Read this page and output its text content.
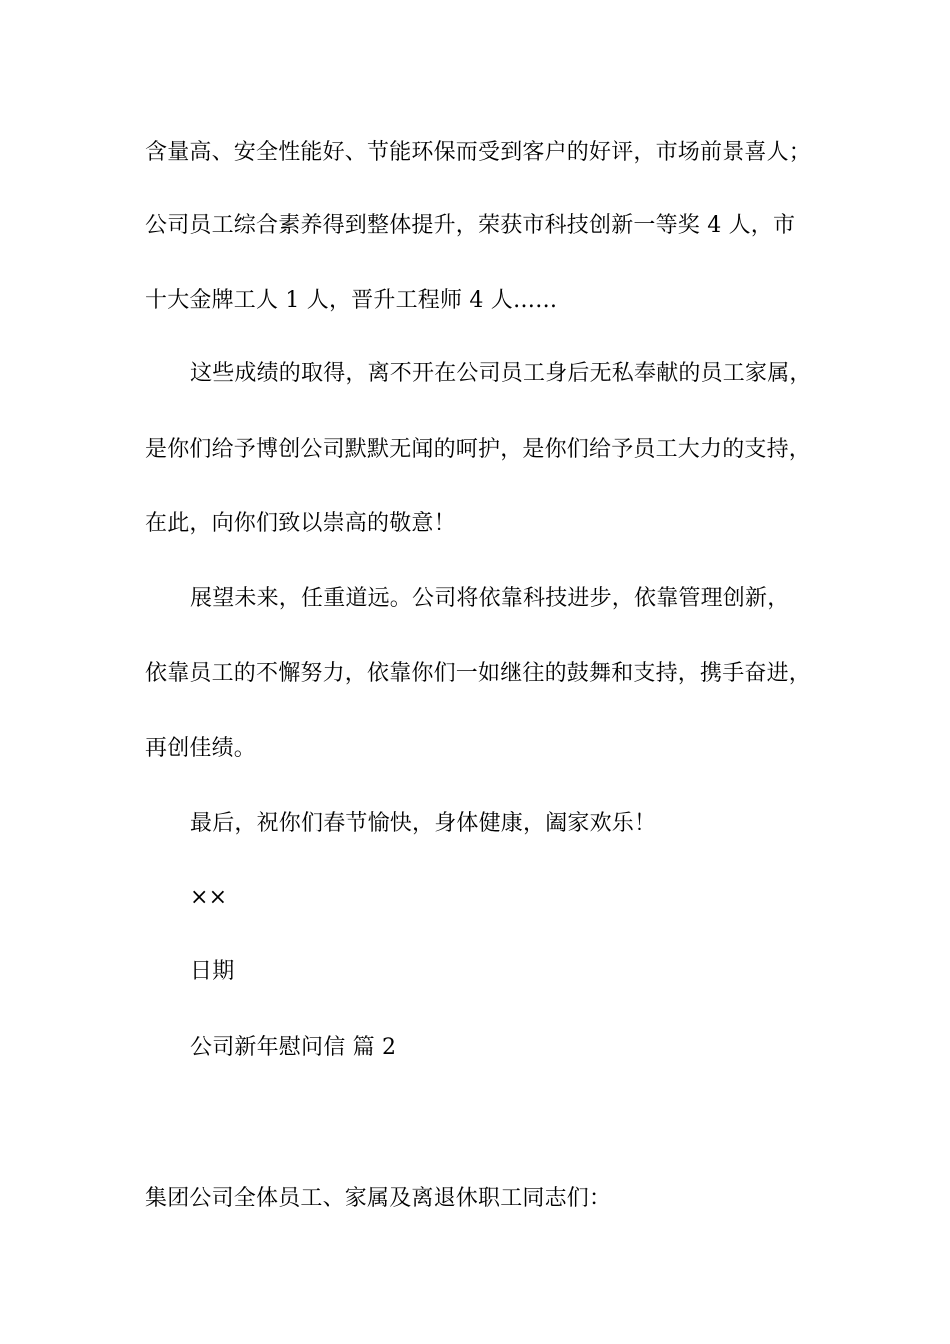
含量高、安全性能好、节能环保而受到客户的好评，市场前景喜人；
公司员工综合素养得到整体提升，荣获市科技创新一等奖 4 人，市
十大金牌工人 1 人，晋升工程师 4 人……
这些成绩的取得，离不开在公司员工身后无私奉献的员工家属，
是你们给予博创公司默默无闻的呵护，是你们给予员工大力的支持，
在此，向你们致以崇高的敬意！
展望未来，任重道远。公司将依靠科技进步，依靠管理创新，
依靠员工的不懈努力，依靠你们一如继往的鼓舞和支持，携手奋进，
再创佳绩。
最后，祝你们春节愉快，身体健康，阖家欢乐！
××
日期
公司新年慰问信 篇 2
集团公司全体员工、家属及离退休职工同志们：
